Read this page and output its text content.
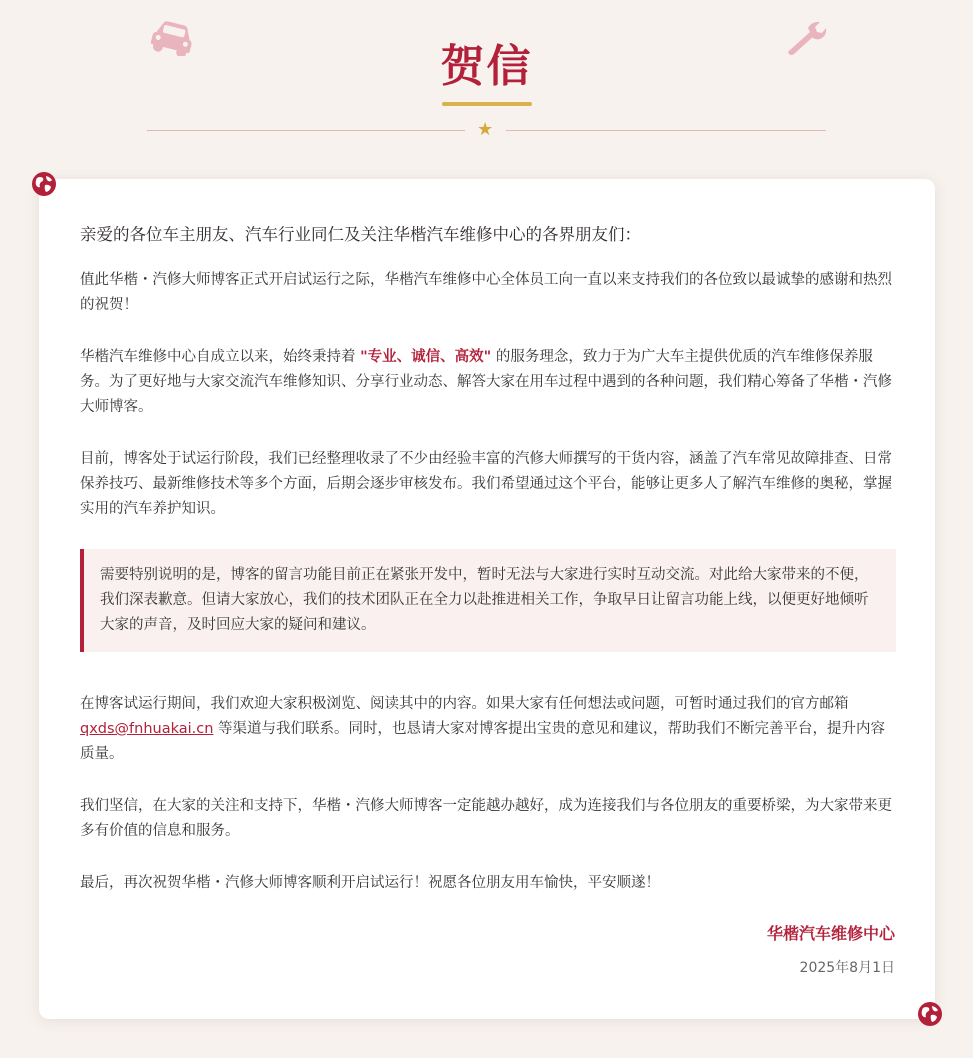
贺信
★
亲爱的各位车主朋友、汽车行业同仁及关注华楷汽车维修中心的各界朋友们：

值此华楷・汽修大师博客正式开启试运行之际，华楷汽车维修中心全体员工向一直以来支持我们的各位致以最诚挚的感谢和热烈的祝贺！

华楷汽车维修中心自成立以来，始终秉持着 "专业、诚信、高效" 的服务理念，致力于为广大车主提供优质的汽车维修保养服务。为了更好地与大家交流汽车维修知识、分享行业动态、解答大家在用车过程中遇到的各种问题，我们精心筹备了华楷・汽修大师博客。

目前，博客处于试运行阶段，我们已经整理收录了不少由经验丰富的汽修大师撰写的干货内容，涵盖了汽车常见故障排查、日常保养技巧、最新维修技术等多个方面，后期会逐步审核发布。我们希望通过这个平台，能够让更多人了解汽车维修的奥秘，掌握实用的汽车养护知识。

需要特别说明的是，博客的留言功能目前正在紧张开发中，暂时无法与大家进行实时互动交流。对此给大家带来的不便，我们深表歉意。但请大家放心，我们的技术团队正在全力以赴推进相关工作，争取早日让留言功能上线，以便更好地倾听大家的声音，及时回应大家的疑问和建议。

在博客试运行期间，我们欢迎大家积极浏览、阅读其中的内容。如果大家有任何想法或问题，可暂时通过我们的官方邮箱 qxds@fnhuakai.cn 等渠道与我们联系。同时，也恳请大家对博客提出宝贵的意见和建议，帮助我们不断完善平台，提升内容质量。

我们坚信，在大家的关注和支持下，华楷・汽修大师博客一定能越办越好，成为连接我们与各位朋友的重要桥梁，为大家带来更多有价值的信息和服务。

最后，再次祝贺华楷・汽修大师博客顺利开启试运行！祝愿各位朋友用车愉快，平安顺遂！

华楷汽车维修中心
2025年8月1日
